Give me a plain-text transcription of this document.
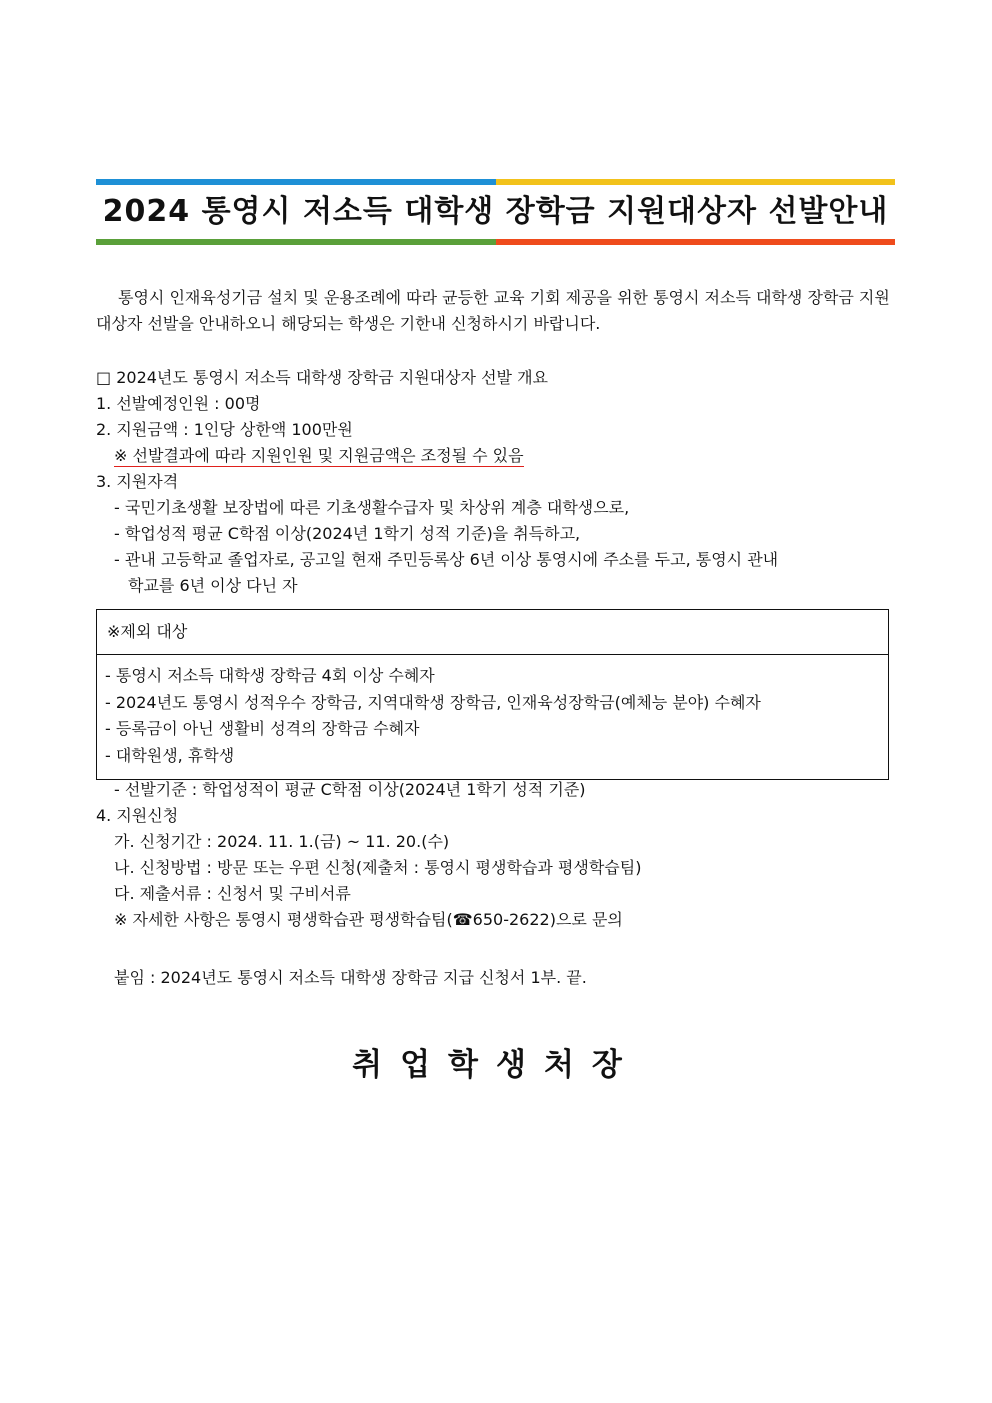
2024 통영시 저소득 대학생 장학금 지원대상자 선발안내
통영시 인재육성기금 설치 및 운용조례에 따라 균등한 교육 기회 제공을 위한 통영시 저소득 대학생 장학금 지원대상자 선발을 안내하오니 해당되는 학생은 기한내 신청하시기 바랍니다.
□ 2024년도 통영시 저소득 대학생 장학금 지원대상자 선발 개요
1. 선발예정인원 : 00명
2. 지원금액 : 1인당 상한액 100만원
※ 선발결과에 따라 지원인원 및 지원금액은 조정될 수 있음
3. 지원자격
- 국민기초생활 보장법에 따른 기초생활수급자 및 차상위 계층 대학생으로,
- 학업성적 평균 C학점 이상(2024년 1학기 성적 기준)을 취득하고,
- 관내 고등학교 졸업자로, 공고일 현재 주민등록상 6년 이상 통영시에 주소를 두고, 통영시 관내
학교를 6년 이상 다닌 자
※제외 대상
- 통영시 저소득 대학생 장학금 4회 이상 수혜자
- 2024년도 통영시 성적우수 장학금, 지역대학생 장학금, 인재육성장학금(예체능 분야) 수혜자
- 등록금이 아닌 생활비 성격의 장학금 수혜자
- 대학원생, 휴학생
- 선발기준 : 학업성적이 평균 C학점 이상(2024년 1학기 성적 기준)
4. 지원신청
가. 신청기간 : 2024. 11. 1.(금) ~ 11. 20.(수)
나. 신청방법 : 방문 또는 우편 신청(제출처 : 통영시 평생학습과 평생학습팀)
다. 제출서류 : 신청서 및 구비서류
※ 자세한 사항은 통영시 평생학습관 평생학습팀(☎650-2622)으로 문의
붙임 : 2024년도 통영시 저소득 대학생 장학금 지급 신청서 1부. 끝.
취업학생처장
